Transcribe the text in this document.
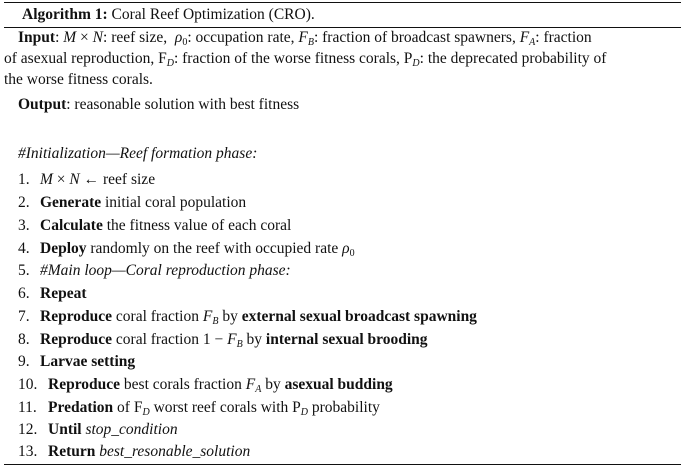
Algorithm 1: Coral Reef Optimization (CRO).
Input: M × N: reef size,  $\rho_0$: occupation rate, $F_B$: fraction of broadcast spawners, $F_A$: fraction
of asexual reproduction, $F_D$: fraction of the worse fitness corals, $P_D$: the deprecated probability of
the worse fitness corals.
Output: reasonable solution with best fitness
#Initialization—Reef formation phase:
1. M × N ← reef size
2. Generate initial coral population
3. Calculate the fitness value of each coral
4. Deploy randomly on the reef with occupied rate $\rho_0$
5. #Main loop—Coral reproduction phase:
6. Repeat
7. Reproduce coral fraction $F_B$ by external sexual broadcast spawning
8. Reproduce coral fraction $1 - F_B$ by internal sexual brooding
9. Larvae setting
10. Reproduce best corals fraction $F_A$ by asexual budding
11. Predation of $F_D$ worst reef corals with $P_D$ probability
12. Until stop_condition
13. Return best_resonable_solution
